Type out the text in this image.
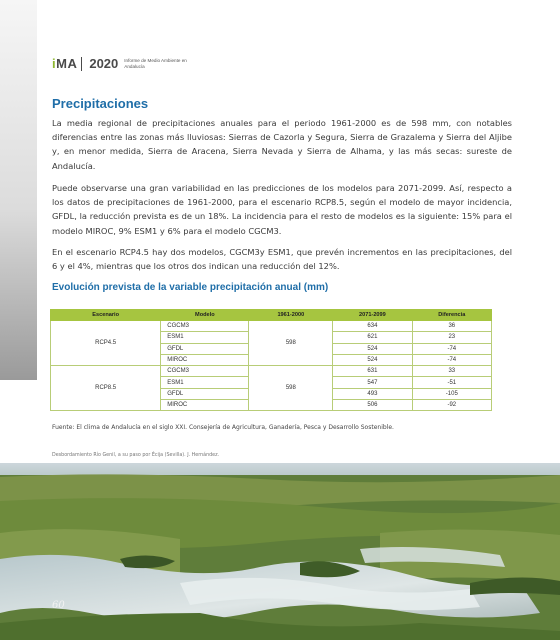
iMA 2020 Informe de Medio Ambiente en Andalucía
Precipitaciones

La media regional de precipitaciones anuales para el periodo 1961-2000 es de 598 mm, con notables diferencias entre las zonas más lluviosas: Sierras de Cazorla y Segura, Sierra de Grazalema y Sierra del Aljibe y, en menor medida, Sierra de Aracena, Sierra Nevada y Sierra de Alhama, y las más secas: sureste de Andalucía.

Puede observarse una gran variabilidad en las predicciones de los modelos para 2071-2099. Así, respecto a los datos de precipitaciones de 1961-2000, para el escenario RCP8.5, según el modelo de mayor incidencia, GFDL, la reducción prevista es de un 18%. La incidencia para el resto de modelos es la siguiente: 15% para el modelo MIROC, 9% ESM1 y 6% para el modelo CGCM3.

En el escenario RCP4.5 hay dos modelos, CGCM3y ESM1, que prevén incrementos en las precipitaciones, del 6 y el 4%, mientras que los otros dos indican una reducción del 12%.

Evolución prevista de la variable precipitación anual (mm)
Escenario	Modelo	1961-2000	2071-2099	Diferencia
RCP4.5	CGCM3	598	634	36
	ESM1		621	23
	GFDL		524	-74
	MIROC		524	-74
RCP8.5	CGCM3	598	631	33
	ESM1		547	-51
	GFDL		493	-105
	MIROC		506	-92

Fuente: El clima de Andalucía en el siglo XXI. Consejería de Agricultura, Ganadería, Pesca y Desarrollo Sostenible.

Desbordamiento Río Genil, a su paso por Écija (Sevilla). J. Hernández.

60
